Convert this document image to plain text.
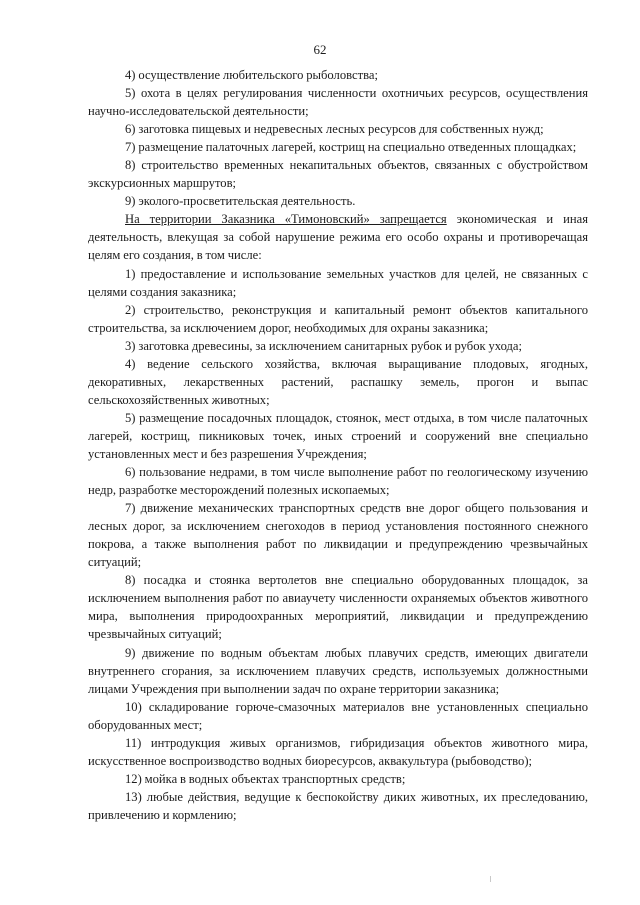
62

4) осуществление любительского рыболовства;

5) охота в целях регулирования численности охотничьих ресурсов, осуществления научно-исследовательской деятельности;

6) заготовка пищевых и недревесных лесных ресурсов для собственных нужд;

7) размещение палаточных лагерей, кострищ на специально отведенных площадках;

8) строительство временных некапитальных объектов, связанных с обустройством экскурсионных маршрутов;

9) эколого-просветительская деятельность.

На территории Заказника «Тимоновский» запрещается экономическая и иная деятельность, влекущая за собой нарушение режима его особо охраны и противоречащая целям его создания, в том числе:

1) предоставление и использование земельных участков для целей, не связанных с целями создания заказника;

2) строительство, реконструкция и капитальный ремонт объектов капитального строительства, за исключением дорог, необходимых для охраны заказника;

3) заготовка древесины, за исключением санитарных рубок и рубок ухода;

4) ведение сельского хозяйства, включая выращивание плодовых, ягодных, декоративных, лекарственных растений, распашку земель, прогон и выпас сельскохозяйственных животных;

5) размещение посадочных площадок, стоянок, мест отдыха, в том числе палаточных лагерей, кострищ, пикниковых точек, иных строений и сооружений вне специально установленных мест и без разрешения Учреждения;

6) пользование недрами, в том числе выполнение работ по геологическому изучению недр, разработке месторождений полезных ископаемых;

7) движение механических транспортных средств вне дорог общего пользования и лесных дорог, за исключением снегоходов в период установления постоянного снежного покрова, а также выполнения работ по ликвидации и предупреждению чрезвычайных ситуаций;

8) посадка и стоянка вертолетов вне специально оборудованных площадок, за исключением выполнения работ по авиаучету численности охраняемых объектов животного мира, выполнения природоохранных мероприятий, ликвидации и предупреждению чрезвычайных ситуаций;

9) движение по водным объектам любых плавучих средств, имеющих двигатели внутреннего сгорания, за исключением плавучих средств, используемых должностными лицами Учреждения при выполнении задач по охране территории заказника;

10) складирование горюче-смазочных материалов вне установленных специально оборудованных мест;

11) интродукция живых организмов, гибридизация объектов животного мира, искусственное воспроизводство водных биоресурсов, аквакультура (рыбоводство);

12) мойка в водных объектах транспортных средств;

13) любые действия, ведущие к беспокойству диких животных, их преследованию, привлечению и кормлению;
